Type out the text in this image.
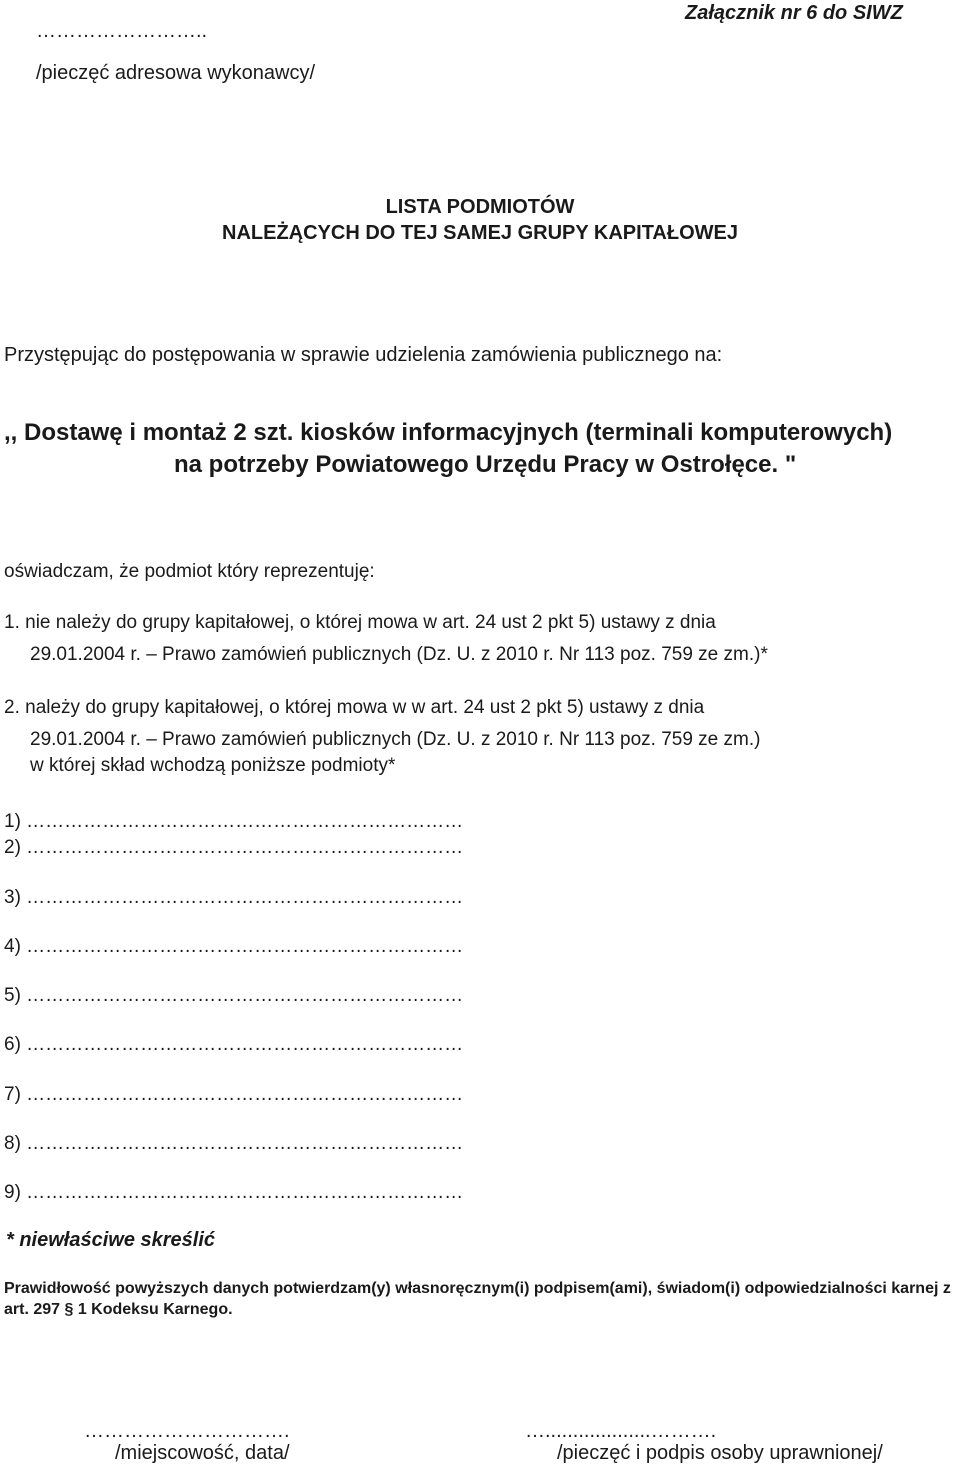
Załącznik nr 6 do SIWZ
……………………..
/pieczęć adresowa wykonawcy/
LISTA PODMIOTÓW
NALEŻĄCYCH DO TEJ SAMEJ GRUPY KAPITAŁOWEJ
Przystępując do postępowania w sprawie udzielenia zamówienia publicznego na:
,, Dostawę i montaż 2 szt. kiosków informacyjnych (terminali komputerowych)
na potrzeby Powiatowego Urzędu Pracy w Ostrołęce. "
oświadczam, że podmiot który reprezentuję:
1. nie należy do grupy kapitałowej, o której mowa w art. 24 ust 2 pkt 5) ustawy z dnia
29.01.2004 r. – Prawo zamówień publicznych (Dz. U. z 2010 r. Nr 113 poz. 759 ze zm.)*
2. należy do grupy kapitałowej, o której mowa w w art. 24 ust 2 pkt 5) ustawy z dnia
29.01.2004 r. – Prawo zamówień publicznych (Dz. U. z 2010 r. Nr 113 poz. 759 ze zm.)
w której skład wchodzą poniższe podmioty*
1) ……………………………………………………………
2) ……………………………………………………………
3) ……………………………………………………………
4) ……………………………………………………………
5) ……………………………………………………………
6) ……………………………………………………………
7) ……………………………………………………………
8) ……………………………………………………………
9) ……………………………………………………………
* niewłaściwe skreślić
Prawidłowość powyższych danych potwierdzam(y) własnoręcznym(i) podpisem(ami), świadom(i) odpowiedzialności karnej z art. 297 § 1 Kodeksu Karnego.
………………………….	…...................……….
/miejscowość, data/	/pieczęć i podpis osoby uprawnionej/
